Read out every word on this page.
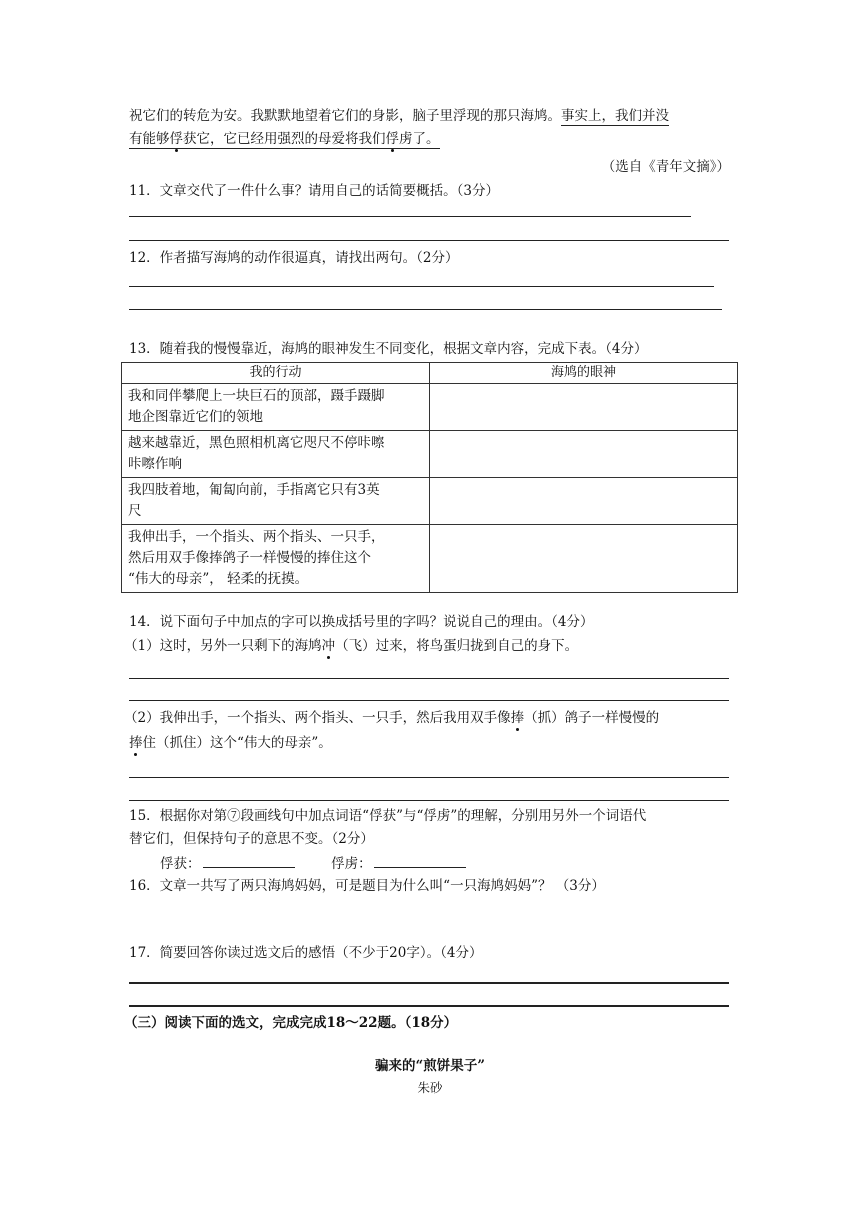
祝它们的转危为安。我默默地望着它们的身影，脑子里浮现的那只海鸠。事实上，我们并没
有能够俘获它，它已经用强烈的母爱将我们俘虏了。
（选自《青年文摘》）
11．文章交代了一件什么事？请用自己的话简要概括。（3分）
12．作者描写海鸠的动作很逼真，请找出两句。（2分）
13．随着我的慢慢靠近，海鸠的眼神发生不同变化，根据文章内容，完成下表。（4分）
我的行动	海鸠的眼神

我和同伴攀爬上一块巨石的顶部，蹑手蹑脚
地企图靠近它们的领地	

越来越靠近，黑色照相机离它咫尺不停咔嚓
咔嚓作响	

我四肢着地，匍匐向前，手指离它只有3英
尺	

我伸出手，一个指头、两个指头、一只手，
然后用双手像捧鸽子一样慢慢的捧住这个
“伟大的母亲”， 轻柔的抚摸。	

14．说下面句子中加点的字可以换成括号里的字吗？说说自己的理由。（4分）
（1）这时，另外一只剩下的海鸠冲（飞）过来，将鸟蛋归拢到自己的身下。
（2）我伸出手，一个指头、两个指头、一只手，然后我用双手像捧（抓）鸽子一样慢慢的
捧住（抓住）这个“伟大的母亲”。
15．根据你对第⑦段画线句中加点词语“俘获”与“俘虏”的理解，分别用另外一个词语代
替它们，但保持句子的意思不变。（2分）
俘获：	俘虏：
16．文章一共写了两只海鸠妈妈，可是题目为什么叫“一只海鸠妈妈”？ （3分）
17．简要回答你读过选文后的感悟（不少于20字）。（4分）
（三）阅读下面的选文，完成完成18～22题。（18分）
骗来的“煎饼果子”
朱砂
